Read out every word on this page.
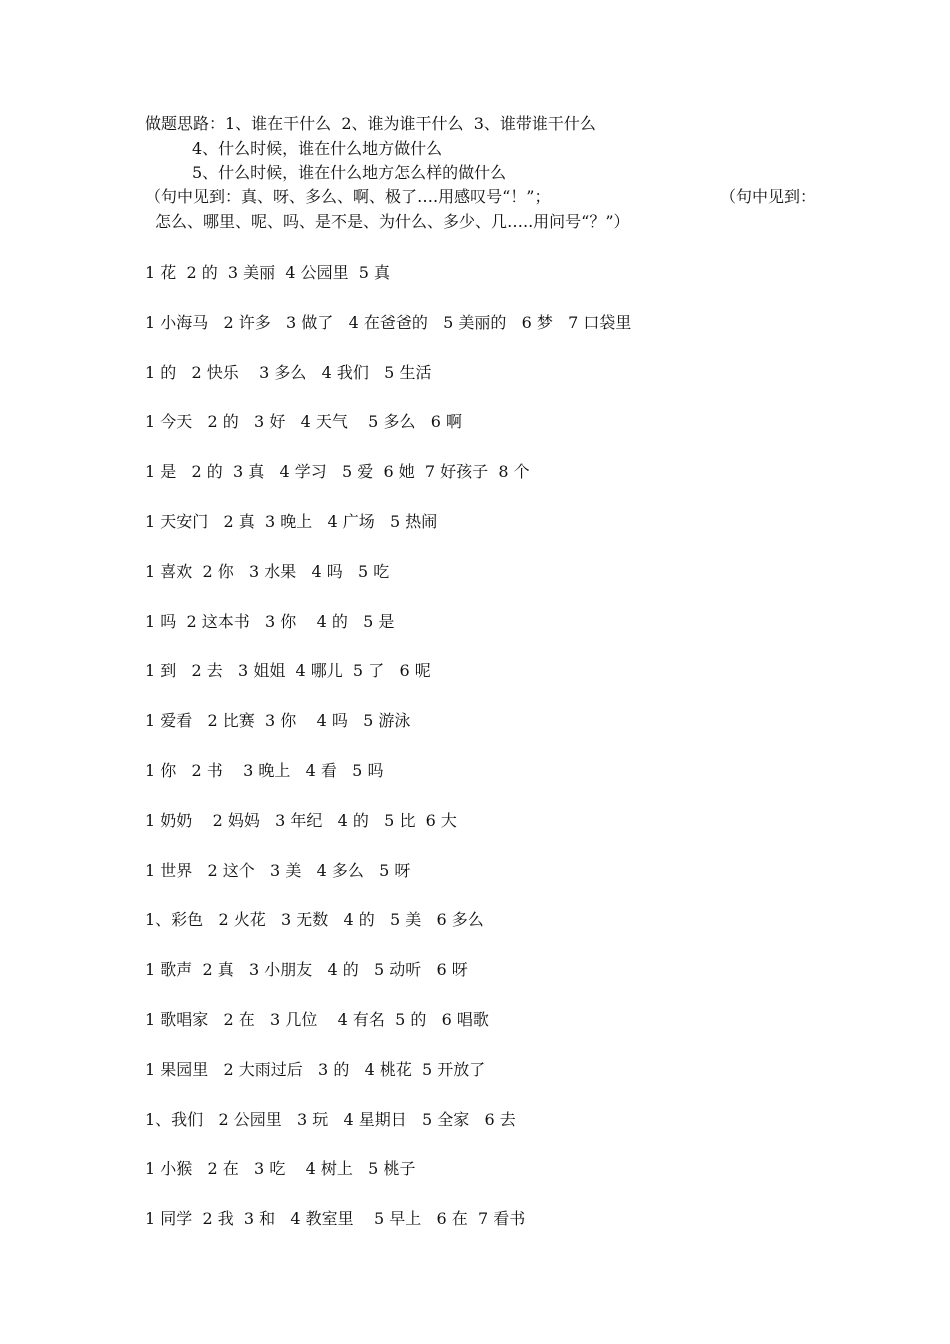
做题思路：1、谁在干什么  2、谁为谁干什么  3、谁带谁干什么
4、什么时候，谁在什么地方做什么
5、什么时候，谁在什么地方怎么样的做什么
（句中见到：真、呀、多么、啊、极了….用感叹号“！”；	（句中见到：
怎么、哪里、呢、吗、是不是、为什么、多少、几…..用问号“？”）
1 花  2 的  3 美丽  4 公园里  5 真
1 小海马   2 许多   3 做了   4 在爸爸的   5 美丽的   6 梦   7 口袋里
1 的   2 快乐    3 多么   4 我们   5 生活
1 今天   2 的   3 好   4 天气    5 多么   6 啊
1 是   2 的  3 真   4 学习   5 爱  6 她  7 好孩子  8 个
1 天安门   2 真  3 晚上   4 广场   5 热闹
1 喜欢  2 你   3 水果   4 吗   5 吃
1 吗  2 这本书   3 你    4 的   5 是
1 到   2 去   3 姐姐  4 哪儿  5 了   6 呢
1 爱看   2 比赛  3 你    4 吗   5 游泳
1 你   2 书    3 晚上   4 看   5 吗
1 奶奶    2 妈妈   3 年纪   4 的   5 比  6 大
1 世界   2 这个   3 美   4 多么   5 呀
1、彩色   2 火花   3 无数   4 的   5 美   6 多么
1 歌声  2 真   3 小朋友   4 的   5 动听   6 呀
1 歌唱家   2 在   3 几位    4 有名  5 的   6 唱歌
1 果园里   2 大雨过后   3 的   4 桃花  5 开放了
1、我们   2 公园里   3 玩   4 星期日   5 全家   6 去
1 小猴   2 在   3 吃    4 树上   5 桃子
1 同学  2 我  3 和   4 教室里    5 早上   6 在  7 看书
